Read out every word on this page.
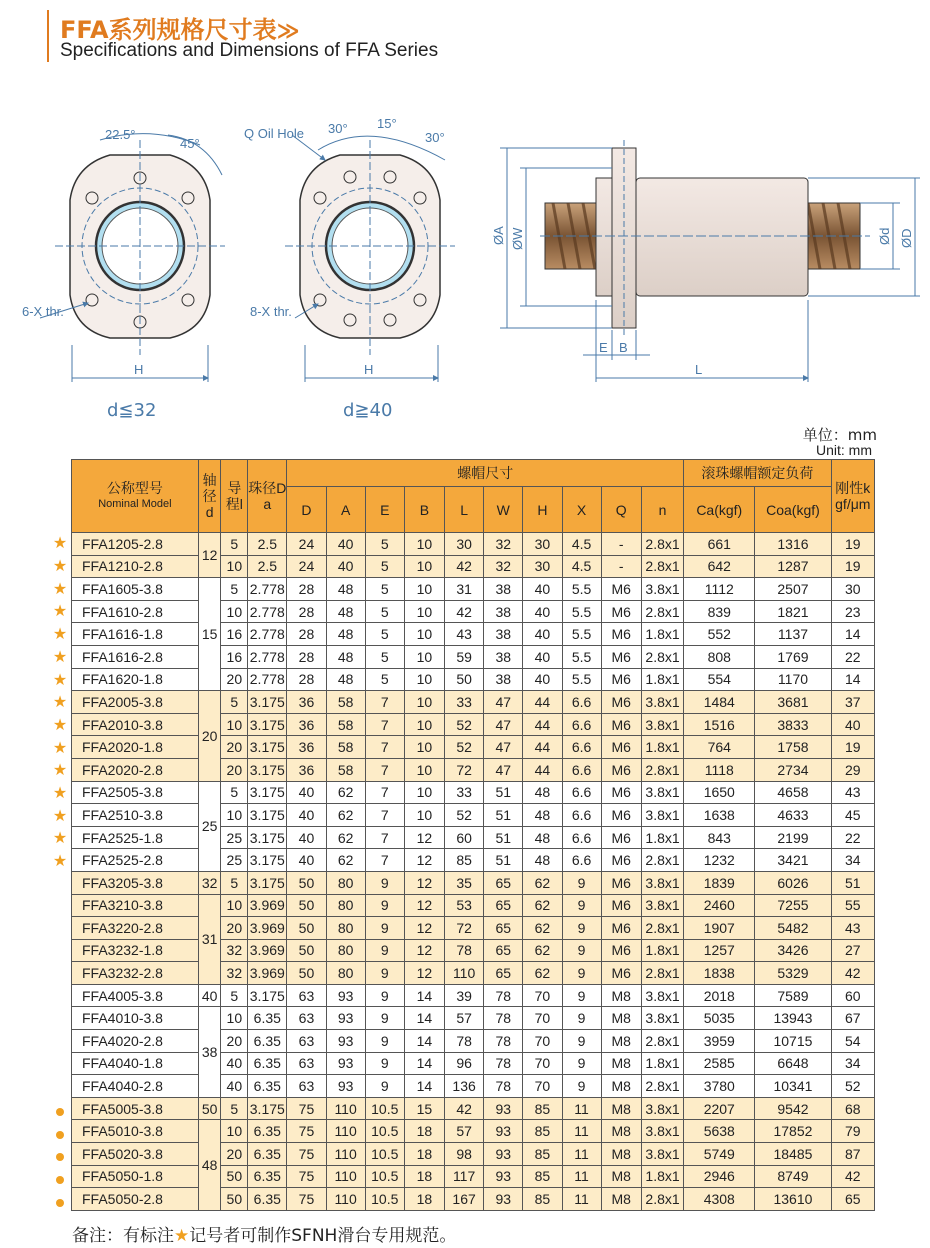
FFA系列规格尺寸表≫
Specifications and Dimensions of FFA Series
22.5°
45°
6-X thr.
H
Q Oil Hole 30° 15°
30°
8-X thr.
H
ØA ØW	Ød ØD
E B
L
d≦32	d≧40
单位：mm
Unit: mm
★
★
★
★
★
★
★
★
★
★
★
★
★
★
★
公称型号
Nominal Model	轴径d	导程l	珠径Da	螺帽尺寸										滚珠螺帽额定负荷		刚性kgf/μm
				D	A	E	B	L	W	H	X	Q	n	Ca(kgf)	Coa(kgf)	
FFA1205-2.8	12	5	2.5	24	40	5	10	30	32	30	4.5	-	2.8x1	661	1316	19
FFA1210-2.8		10	2.5	24	40	5	10	42	32	30	4.5	-	2.8x1	642	1287	19
FFA1605-3.8	15	5	2.778	28	48	5	10	31	38	40	5.5	M6	3.8x1	1112	2507	30
FFA1610-2.8		10	2.778	28	48	5	10	42	38	40	5.5	M6	2.8x1	839	1821	23
FFA1616-1.8		16	2.778	28	48	5	10	43	38	40	5.5	M6	1.8x1	552	1137	14
FFA1616-2.8		16	2.778	28	48	5	10	59	38	40	5.5	M6	2.8x1	808	1769	22
FFA1620-1.8		20	2.778	28	48	5	10	50	38	40	5.5	M6	1.8x1	554	1170	14
FFA2005-3.8	20	5	3.175	36	58	7	10	33	47	44	6.6	M6	3.8x1	1484	3681	37
FFA2010-3.8		10	3.175	36	58	7	10	52	47	44	6.6	M6	3.8x1	1516	3833	40
FFA2020-1.8		20	3.175	36	58	7	10	52	47	44	6.6	M6	1.8x1	764	1758	19
FFA2020-2.8		20	3.175	36	58	7	10	72	47	44	6.6	M6	2.8x1	1118	2734	29
FFA2505-3.8	25	5	3.175	40	62	7	10	33	51	48	6.6	M6	3.8x1	1650	4658	43
FFA2510-3.8		10	3.175	40	62	7	10	52	51	48	6.6	M6	3.8x1	1638	4633	45
FFA2525-1.8		25	3.175	40	62	7	12	60	51	48	6.6	M6	1.8x1	843	2199	22
FFA2525-2.8		25	3.175	40	62	7	12	85	51	48	6.6	M6	2.8x1	1232	3421	34
FFA3205-3.8	32	5	3.175	50	80	9	12	35	65	62	9	M6	3.8x1	1839	6026	51
FFA3210-3.8	31	10	3.969	50	80	9	12	53	65	62	9	M6	3.8x1	2460	7255	55
FFA3220-2.8		20	3.969	50	80	9	12	72	65	62	9	M6	2.8x1	1907	5482	43
FFA3232-1.8		32	3.969	50	80	9	12	78	65	62	9	M6	1.8x1	1257	3426	27
FFA3232-2.8		32	3.969	50	80	9	12	110	65	62	9	M6	2.8x1	1838	5329	42
FFA4005-3.8	40	5	3.175	63	93	9	14	39	78	70	9	M8	3.8x1	2018	7589	60
FFA4010-3.8	38	10	6.35	63	93	9	14	57	78	70	9	M8	3.8x1	5035	13943	67
FFA4020-2.8		20	6.35	63	93	9	14	78	78	70	9	M8	2.8x1	3959	10715	54
FFA4040-1.8		40	6.35	63	93	9	14	96	78	70	9	M8	1.8x1	2585	6648	34
FFA4040-2.8		40	6.35	63	93	9	14	136	78	70	9	M8	2.8x1	3780	10341	52
FFA5005-3.8	50	5	3.175	75	110	10.5	15	42	93	85	11	M8	3.8x1	2207	9542	68
FFA5010-3.8	48	10	6.35	75	110	10.5	18	57	93	85	11	M8	3.8x1	5638	17852	79
FFA5020-3.8		20	6.35	75	110	10.5	18	98	93	85	11	M8	3.8x1	5749	18485	87
FFA5050-1.8		50	6.35	75	110	10.5	18	117	93	85	11	M8	1.8x1	2946	8749	42
FFA5050-2.8		50	6.35	75	110	10.5	18	167	93	85	11	M8	2.8x1	4308	13610	65
备注：有标注★记号者可制作SFNH滑台专用规范。
